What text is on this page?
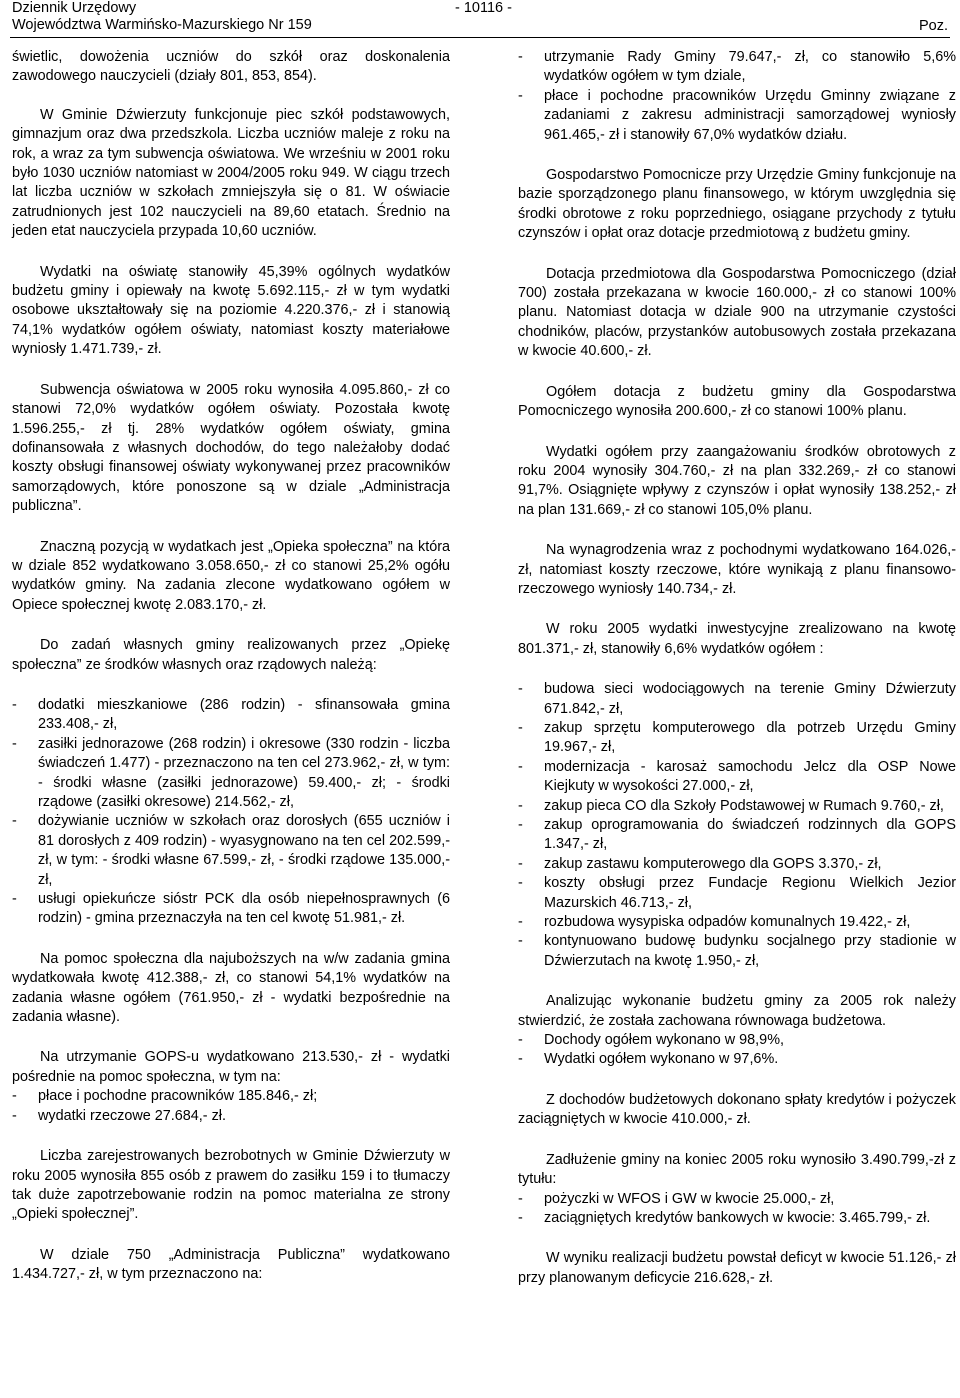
Dziennik Urzędowy
Województwa Warmińsko-Mazurskiego Nr 159
- 10116 -
Poz.

świetlic, dowożenia uczniów do szkół oraz doskonalenia zawodowego nauczycieli (działy 801, 853, 854).

W Gminie Dźwierzuty funkcjonuje piec szkół podstawowych, gimnazjum oraz dwa przedszkola. Liczba uczniów maleje z roku na rok, a wraz za tym subwencja oświatowa. We wrześniu w 2001 roku było 1030 uczniów natomiast w 2004/2005 roku 949. W ciągu trzech lat liczba uczniów w szkołach zmniejszyła się o 81. W oświacie zatrudnionych jest 102 nauczycieli na 89,60 etatach. Średnio na jeden etat nauczyciela przypada 10,60 uczniów.

Wydatki na oświatę stanowiły 45,39% ogólnych wydatków budżetu gminy i opiewały na kwotę 5.692.115,- zł w tym wydatki osobowe ukształtowały się na poziomie 4.220.376,- zł i stanowią 74,1% wydatków ogółem oświaty, natomiast koszty materiałowe wyniosły 1.471.739,- zł.

Subwencja oświatowa w 2005 roku wynosiła 4.095.860,- zł co stanowi 72,0% wydatków ogółem oświaty. Pozostała kwotę 1.596.255,- zł tj. 28% wydatków ogółem oświaty, gmina dofinansowała z własnych dochodów, do tego należałoby dodać koszty obsługi finansowej oświaty wykonywanej przez pracowników samorządowych, które ponoszone są w dziale „Administracja publiczna”.

Znaczną pozycją w wydatkach jest „Opieka społeczna” na która w dziale 852 wydatkowano 3.058.650,- zł co stanowi 25,2% ogółu wydatków gminy. Na zadania zlecone wydatkowano ogółem w Opiece społecznej kwotę 2.083.170,- zł.

Do zadań własnych gminy realizowanych przez „Opiekę społeczna” ze środków własnych oraz rządowych należą:

- dodatki mieszkaniowe (286 rodzin) - sfinansowała gmina 233.408,- zł,
- zasiłki jednorazowe (268 rodzin) i okresowe (330 rodzin - liczba świadczeń 1.477) - przeznaczono na ten cel 273.962,- zł, w tym: - środki własne (zasiłki jednorazowe) 59.400,- zł; - środki rządowe (zasiłki okresowe) 214.562,- zł,
- dożywianie uczniów w szkołach oraz dorosłych (655 uczniów i 81 dorosłych z 409 rodzin) - wyasygnowano na ten cel 202.599,- zł, w tym: - środki własne 67.599,- zł, - środki rządowe 135.000,- zł,
- usługi opiekuńcze sióstr PCK dla osób niepełnosprawnych (6 rodzin) - gmina przeznaczyła na ten cel kwotę 51.981,- zł.

Na pomoc społeczna dla najuboższych na w/w zadania gmina wydatkowała kwotę 412.388,- zł, co stanowi 54,1% wydatków na zadania własne ogółem (761.950,- zł - wydatki bezpośrednie na zadania własne).

Na utrzymanie GOPS-u wydatkowano 213.530,- zł - wydatki pośrednie na pomoc społeczna, w tym na:

- płace i pochodne pracowników 185.846,- zł;
- wydatki rzeczowe 27.684,- zł.

Liczba zarejestrowanych bezrobotnych w Gminie Dźwierzuty w roku 2005 wynosiła 855 osób z prawem do zasiłku 159 i to tłumaczy tak duże zapotrzebowanie rodzin na pomoc materialna ze strony „Opieki społecznej”.

W dziale 750 „Administracja Publiczna” wydatkowano 1.434.727,- zł, w tym przeznaczono na:

- utrzymanie Rady Gminy 79.647,- zł, co stanowiło 5,6% wydatków ogółem w tym dziale,
- płace i pochodne pracowników Urzędu Gminny związane z zadaniami z zakresu administracji samorządowej wyniosły 961.465,- zł i stanowiły 67,0% wydatków działu.

Gospodarstwo Pomocnicze przy Urzędzie Gminy funkcjonuje na bazie sporządzonego planu finansowego, w którym uwzględnia się środki obrotowe z roku poprzedniego, osiągane przychody z tytułu czynszów i opłat oraz dotacje przedmiotową z budżetu gminy.

Dotacja przedmiotowa dla Gospodarstwa Pomocniczego (dział 700) została przekazana w kwocie 160.000,- zł co stanowi 100% planu. Natomiast dotacja w dziale 900 na utrzymanie czystości chodników, placów, przystanków autobusowych została przekazana w kwocie 40.600,- zł.

Ogółem dotacja z budżetu gminy dla Gospodarstwa Pomocniczego wynosiła 200.600,- zł co stanowi 100% planu.

Wydatki ogółem przy zaangażowaniu środków obrotowych z roku 2004 wynosiły 304.760,- zł na plan 332.269,- zł co stanowi 91,7%. Osiągnięte wpływy z czynszów i opłat wynosiły 138.252,- zł na plan 131.669,- zł co stanowi 105,0% planu.

Na wynagrodzenia wraz z pochodnymi wydatkowano 164.026,- zł, natomiast koszty rzeczowe, które wynikają z planu finansowo-rzeczowego wyniosły 140.734,- zł.

W roku 2005 wydatki inwestycyjne zrealizowano na kwotę 801.371,- zł, stanowiły 6,6% wydatków ogółem :

- budowa sieci wodociągowych na terenie Gminy Dźwierzuty 671.842,- zł,
- zakup sprzętu komputerowego dla potrzeb Urzędu Gminy 19.967,- zł,
- modernizacja - karosaż samochodu Jelcz dla OSP Nowe Kiejkuty w wysokości 27.000,- zł,
- zakup pieca CO dla Szkoły Podstawowej w Rumach 9.760,- zł,
- zakup oprogramowania do świadczeń rodzinnych dla GOPS 1.347,- zł,
- zakup zastawu komputerowego dla GOPS 3.370,- zł,
- koszty obsługi przez Fundacje Regionu Wielkich Jezior Mazurskich 46.713,- zł,
- rozbudowa wysypiska odpadów komunalnych 19.422,- zł,
- kontynuowano budowę budynku socjalnego przy stadionie w Dźwierzutach na kwotę 1.950,- zł,

Analizując wykonanie budżetu gminy za 2005 rok należy stwierdzić, że została zachowana równowaga budżetowa.

- Dochody ogółem wykonano w 98,9%,
- Wydatki ogółem wykonano w 97,6%.

Z dochodów budżetowych dokonano spłaty kredytów i pożyczek zaciągniętych w kwocie 410.000,- zł.

Zadłużenie gminy na koniec 2005 roku wynosiło 3.490.799,-zł z tytułu:

- pożyczki w WFOS i GW w kwocie 25.000,- zł,
- zaciągniętych kredytów bankowych w kwocie: 3.465.799,- zł.

W wyniku realizacji budżetu powstał deficyt w kwocie 51.126,- zł przy planowanym deficycie 216.628,- zł.
